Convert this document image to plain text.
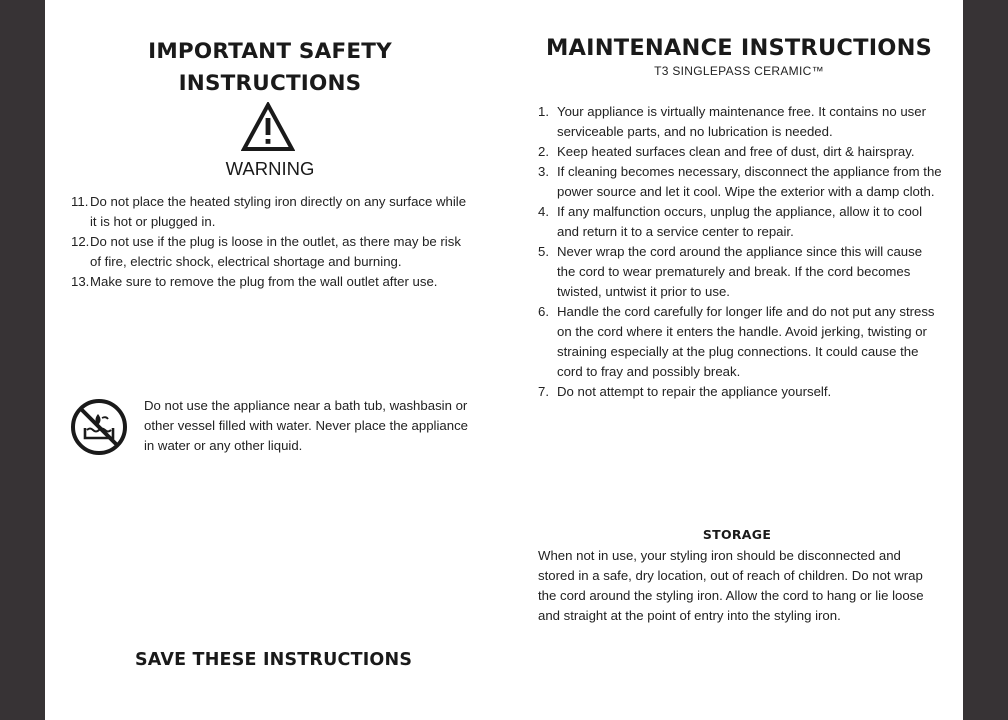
IMPORTANT SAFETY
INSTRUCTIONS
WARNING
11. Do not place the heated styling iron directly on any surface while it is hot or plugged in.
12. Do not use if the plug is loose in the outlet, as there may be risk of fire, electric shock, electrical shortage and burning.
13. Make sure to remove the plug from the wall outlet after use.

Do not use the appliance near a bath tub, washbasin or other vessel filled with water. Never place the appliance in water or any other liquid.

SAVE THESE INSTRUCTIONS
MAINTENANCE INSTRUCTIONS
T3 SINGLEPASS CERAMIC™
1. Your appliance is virtually maintenance free. It contains no user serviceable parts, and no lubrication is needed.
2. Keep heated surfaces clean and free of dust, dirt & hairspray.
3. If cleaning becomes necessary, disconnect the appliance from the power source and let it cool. Wipe the exterior with a damp cloth.
4. If any malfunction occurs, unplug the appliance, allow it to cool and return it to a service center to repair.
5. Never wrap the cord around the appliance since this will cause the cord to wear prematurely and break. If the cord becomes twisted, untwist it prior to use.
6. Handle the cord carefully for longer life and do not put any stress on the cord where it enters the handle. Avoid jerking, twisting or straining especially at the plug connections. It could cause the cord to fray and possibly break.
7. Do not attempt to repair the appliance yourself.
STORAGE

When not in use, your styling iron should be disconnected and stored in a safe, dry location, out of reach of children. Do not wrap the cord around the styling iron. Allow the cord to hang or lie loose and straight at the point of entry into the styling iron.
